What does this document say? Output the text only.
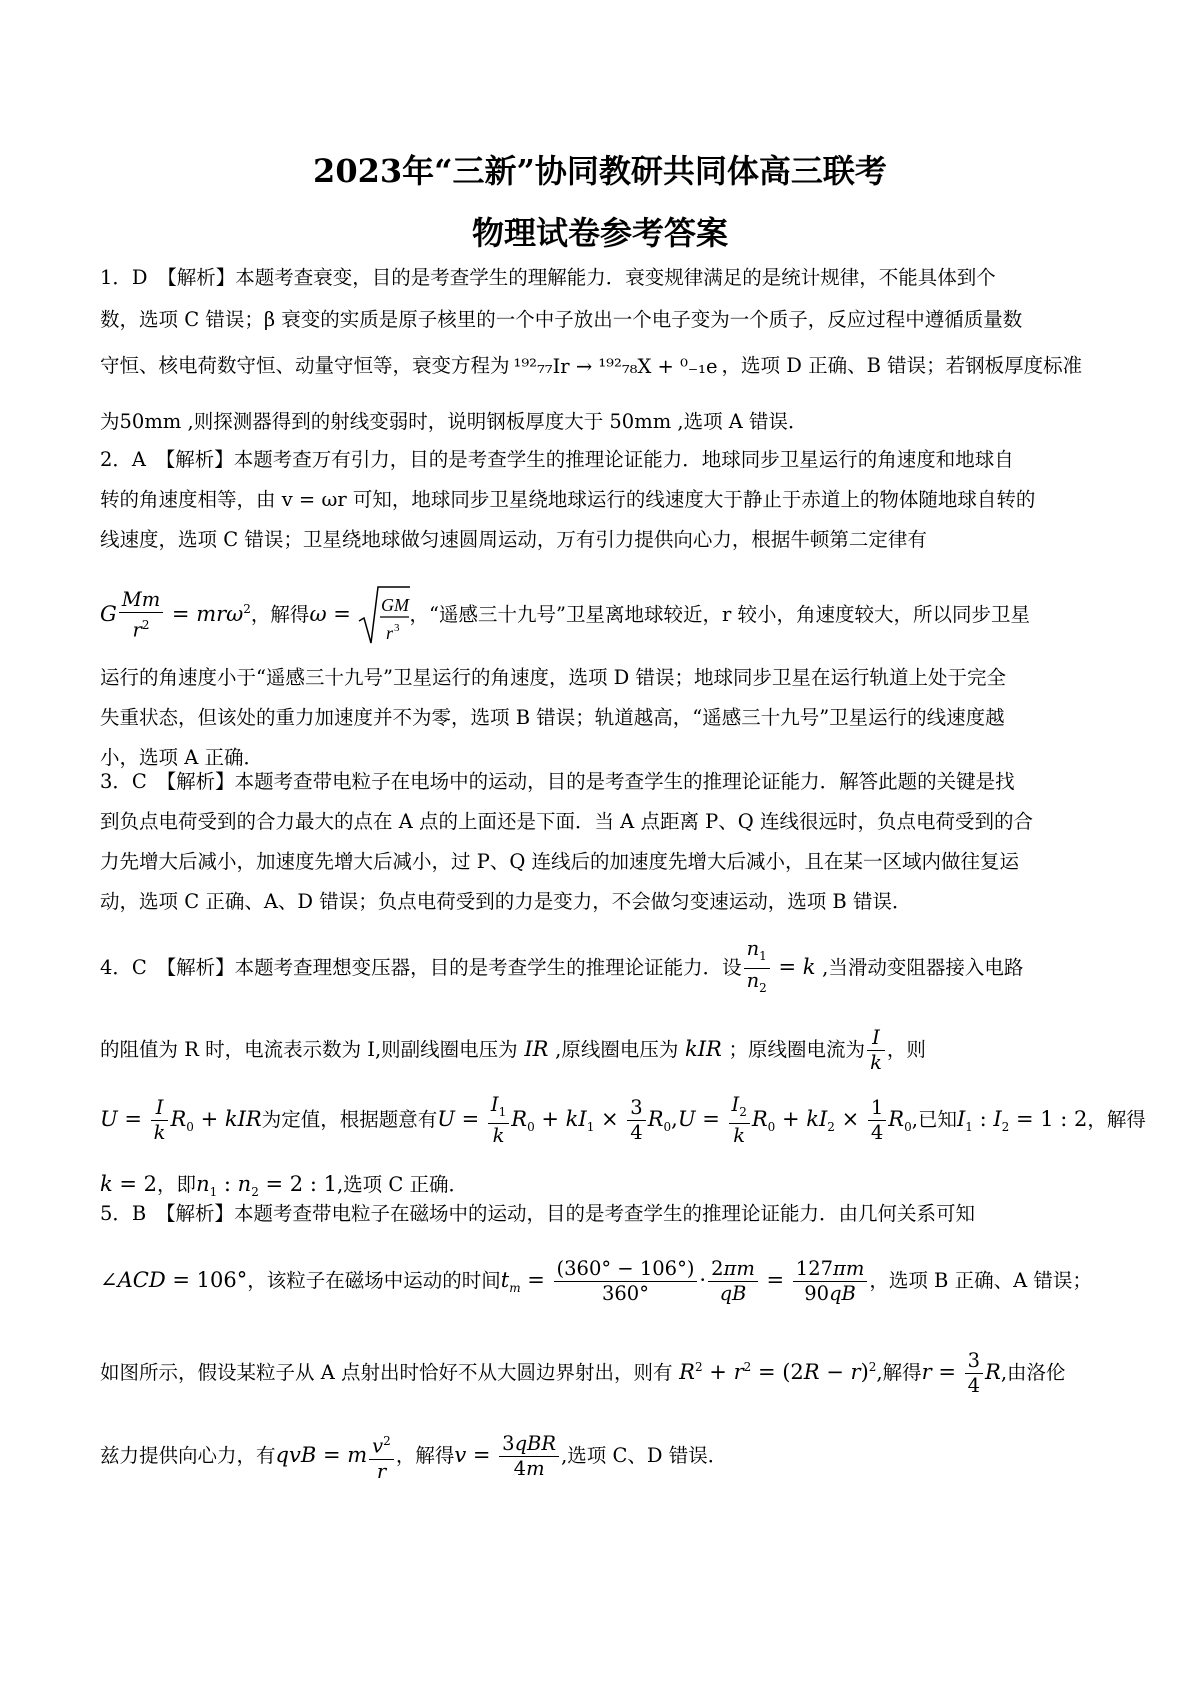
2023年“三新”协同教研共同体高三联考
物理试卷参考答案
1．D　【解析】本题考查衰变，目的是考查学生的理解能力．衰变规律满足的是统计规律，不能具体到个
数，选项 C 错误；β 衰变的实质是原子核里的一个中子放出一个电子变为一个质子，反应过程中遵循质量数
守恒、核电荷数守恒、动量守恒等，衰变方程为 ¹⁹²₇₇Ir → ¹⁹²₇₈X + ⁰₋₁e ，选项 D 正确、B 错误；若钢板厚度标准
为50mm ,则探测器得到的射线变弱时，说明钢板厚度大于 50mm ,选项 A 错误．
2．A　【解析】本题考查万有引力，目的是考查学生的推理论证能力．地球同步卫星运行的角速度和地球自
转的角速度相等，由 v = ωr 可知，地球同步卫星绕地球运行的线速度大于静止于赤道上的物体随地球自转的
线速度，选项 C 错误；卫星绕地球做匀速圆周运动，万有引力提供向心力，根据牛顿第二定律有
G $\frac{Mm}{r^2} = mr\omega^2$，解得ω = GM
r 3
，“遥感三十九号”卫星离地球较近，r 较小，角速度较大，所以同步卫星
运行的角速度小于“遥感三十九号”卫星运行的角速度，选项 D 错误；地球同步卫星在运行轨道上处于完全
失重状态，但该处的重力加速度并不为零，选项 B 错误；轨道越高，“遥感三十九号”卫星运行的线速度越
小，选项 A 正确．
3．C　【解析】本题考查带电粒子在电场中的运动，目的是考查学生的推理论证能力．解答此题的关键是找
到负点电荷受到的合力最大的点在 A 点的上面还是下面．当 A 点距离 P、Q 连线很远时，负点电荷受到的合
力先增大后减小，加速度先增大后减小，过 P、Q 连线后的加速度先增大后减小，且在某一区域内做往复运
动，选项 C 正确、A、D 错误；负点电荷受到的力是变力，不会做匀变速运动，选项 B 错误．
4．C　【解析】本题考查理想变压器，目的是考查学生的推理论证能力．设 $\frac{n_1}{n_2} = k$ ,当滑动变阻器接入电路
的阻值为 R 时，电流表示数为 I,则副线圈电压为 IR ,原线圈电压为 kIR ；原线圈电流为 $\frac{I}{k}$ ，则
$U = \frac{I}{k} R_0$ + kIR为定值，根据题意有$U = \frac{I_1}{k} R_0 + kI_1 \times \frac{3}{4} R_0,U = \frac{I_2}{k} R_0 + kI_2 \times \frac{1}{4} R_0$,已知$I_1$ : $I_2 = 1$ : 2，解得
k = 2，即$n_1$ : $n_2 = 2$ : 1,选项 C 正确．
5．B　【解析】本题考查带电粒子在磁场中的运动，目的是考查学生的推理论证能力．由几何关系可知
∠ACD = 106°，该粒子在磁场中运动的时间$t_m = \frac{(360^\circ - 106^\circ)}{360^\circ} \cdot \frac{2\pi m}{qB} = \frac{127\pi m}{90qB}$ ，选项 B 正确、A 错误；
如图所示，假设某粒子从 A 点射出时恰好不从大圆边界射出，则有 $R^2 + r^2 = (2R - r)^2$,解得$r = \frac{3}{4} R$,由洛伦
兹力提供向心力，有qvB = m $\frac{v^2}{r}$ ，解得$v = \frac{\text{3qBR}}{4m}$ ,选项 C、D 错误．
